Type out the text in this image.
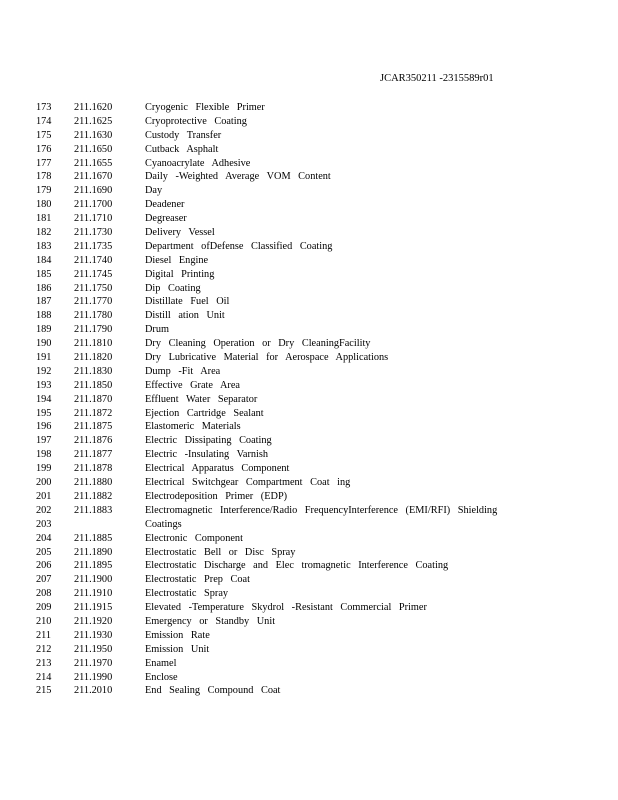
JCAR350211 -2315589r01
173 211.1620	Cryogenic Flexible Primer
174 211.1625	Cryoprotective Coating
175 211.1630	Custody Transfer
176 211.1650	Cutback Asphalt
177 211.1655	Cyanoacrylate Adhesive
178 211.1670	Daily -Weighted Average VOM Content
179 211.1690	Day
180 211.1700	Deadener
181 211.1710	Degreaser
182 211.1730	Delivery Vessel
183 211.1735	Department ofDefense Classified Coating
184 211.1740	Diesel Engine
185 211.1745	Digital Printing
186 211.1750	Dip Coating
187 211.1770	Distillate Fuel Oil
188 211.1780	Distill ation Unit
189 211.1790	Drum
190 211.1810	Dry Cleaning Operation or Dry CleaningFacility
191 211.1820	Dry Lubricative Material for Aerospace Applications
192 211.1830	Dump -Fit Area
193 211.1850	Effective Grate Area
194 211.1870	Effluent Water Separator
195 211.1872	Ejection Cartridge Sealant
196 211.1875	Elastomeric Materials
197 211.1876	Electric Dissipating Coating
198 211.1877	Electric -Insulating Varnish
199 211.1878	Electrical Apparatus Component
200 211.1880	Electrical Switchgear Compartment Coat ing
201 211.1882	Electrodeposition Primer (EDP)
202 211.1883	Electromagnetic Interference/Radio FrequencyInterference (EMI/RFI) Shielding
203	Coatings
204 211.1885	Electronic Component
205 211.1890	Electrostatic Bell or Disc Spray
206 211.1895	Electrostatic Discharge and Elec tromagnetic Interference Coating
207 211.1900	Electrostatic Prep Coat
208 211.1910	Electrostatic Spray
209 211.1915	Elevated -Temperature Skydrol -Resistant Commercial Primer
210 211.1920	Emergency or Standby Unit
211 211.1930	Emission Rate
212 211.1950	Emission Unit
213 211.1970	Enamel
214 211.1990	Enclose
215 211.2010	End Sealing Compound Coat
